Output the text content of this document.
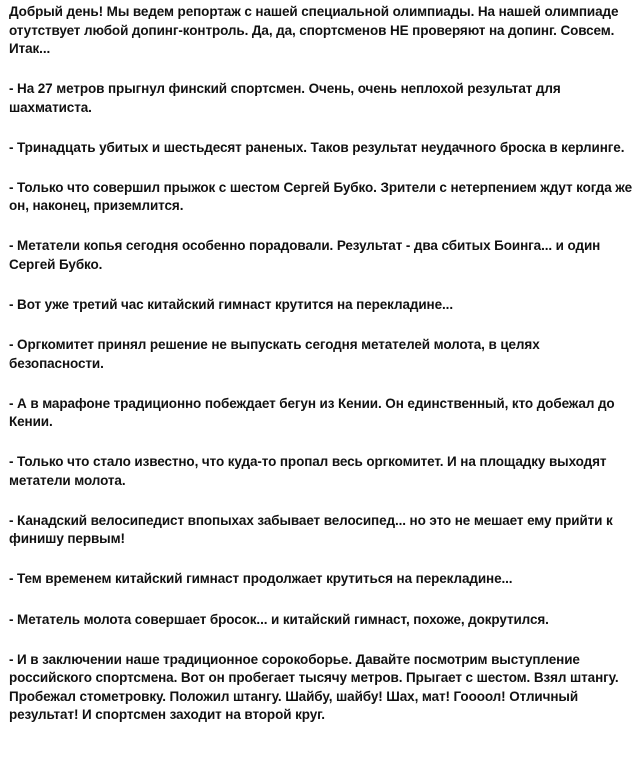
Добрый день! Мы ведем репортаж с нашей специальной олимпиады. На нашей олимпиаде отутствует любой допинг-контроль. Да, да, спортсменов НЕ проверяют на допинг. Совсем. Итак...

- На 27 метров прыгнул финский спортсмен. Очень, очень неплохой результат для шахматиста.

- Тринадцать убитых и шестьдесят раненых. Таков результат неудачного броска в керлинге.

- Только что совершил прыжок с шестом Сергей Бубко. Зрители с нетерпением ждут когда же он, наконец, приземлится.

- Метатели копья сегодня особенно порадовали. Результат - два сбитых Боинга... и один Сергей Бубко.

- Вот уже третий час китайский гимнаст крутится на перекладине...

- Оргкомитет принял решение не выпускать сегодня метателей молота, в целях безопасности.

- А в марафоне традиционно побеждает бегун из Кении. Он единственный, кто добежал до Кении.

- Только что стало известно, что куда-то пропал весь оргкомитет. И на площадку выходят метатели молота.

- Канадский велосипедист впопыхах забывает велосипед... но это не мешает ему прийти к финишу первым!

- Тем временем китайский гимнаст продолжает крутиться на перекладине...

- Метатель молота совершает бросок... и китайский гимнаст, похоже, докрутился.

- И в заключении наше традиционное сорокоборье. Давайте посмотрим выступление российского спортсмена. Вот он пробегает тысячу метров. Прыгает с шестом. Взял штангу. Пробежал стометровку. Положил штангу. Шайбу, шайбу! Шах, мат! Гоооол! Отличный результат! И спортсмен заходит на второй круг.
